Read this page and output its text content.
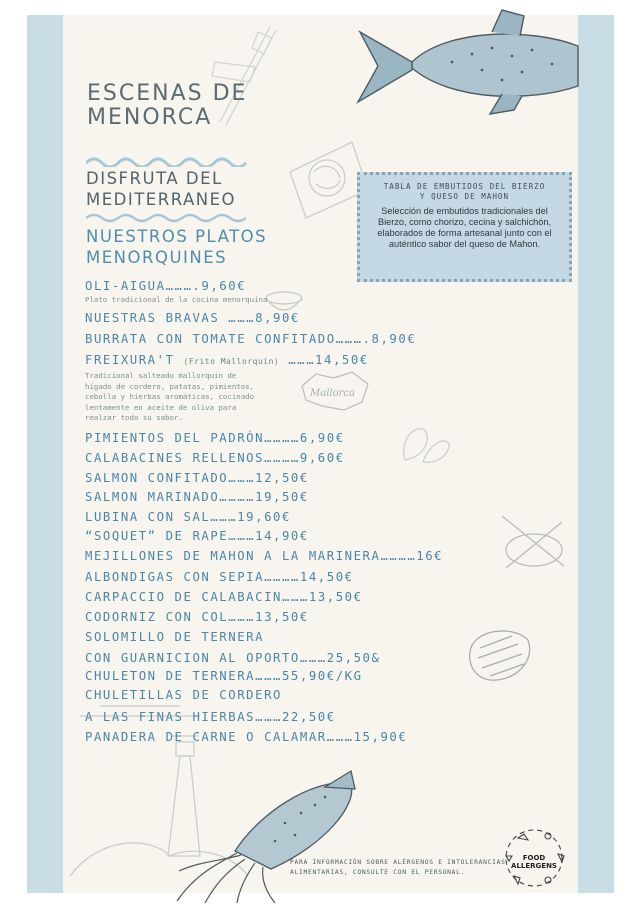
ESCENAS DE
MENORCA
DISFRUTA DEL
MEDITERRANEO
NUESTROS PLATOS
MENORQUINES
TABLA DE EMBUTIDOS DEL BIERZO
Y QUESO DE MAHON
Selección de embutidos tradicionales del Bierzo, como chorizo, cecina y salchichón, elaborados de forma artesanal junto con el auténtico sabor del queso de Mahon.
Mallorca
OLI-AIGUA……….9,60€
Plato tradicional de la cocina menorquina
NUESTRAS BRAVAS ………8,90€
BURRATA CON TOMATE CONFITADO……….8,90€
FREIXURA'T (Frito Mallorquín) ………14,50€
Tradicional salteado mallorquín de
hígado de cordero, patatas, pimientos,
cebolla y hierbas aromáticas, cocinado
lentamente en aceite de oliva para
realzar todo su sabor.
PIMIENTOS DEL PADRÓN…………6,90€
CALABACINES RELLENOS…………9,60€
SALMON CONFITADO………12,50€
SALMON MARINADO…………19,50€
LUBINA CON SAL………19,60€
“SOQUET” DE RAPE………14,90€
MEJILLONES DE MAHON A LA MARINERA…………16€
ALBONDIGAS CON SEPIA…………14,50€
CARPACCIO DE CALABACIN………13,50€
CODORNIZ CON COL………13,50€
SOLOMILLO DE TERNERA
CON GUARNICION AL OPORTO………25,50&
CHULETON DE TERNERA………55,90€/KG
CHULETILLAS DE CORDERO
A LAS FINAS HIERBAS………22,50€
PANADERA DE CARNE O CALAMAR………15,90€
PARA INFORMACIÓN SOBRE ALÉRGENOS E INTOLERANCIAS
ALIMENTARIAS, CONSULTE CON EL PERSONAL.
FOOD ALLERGENS
